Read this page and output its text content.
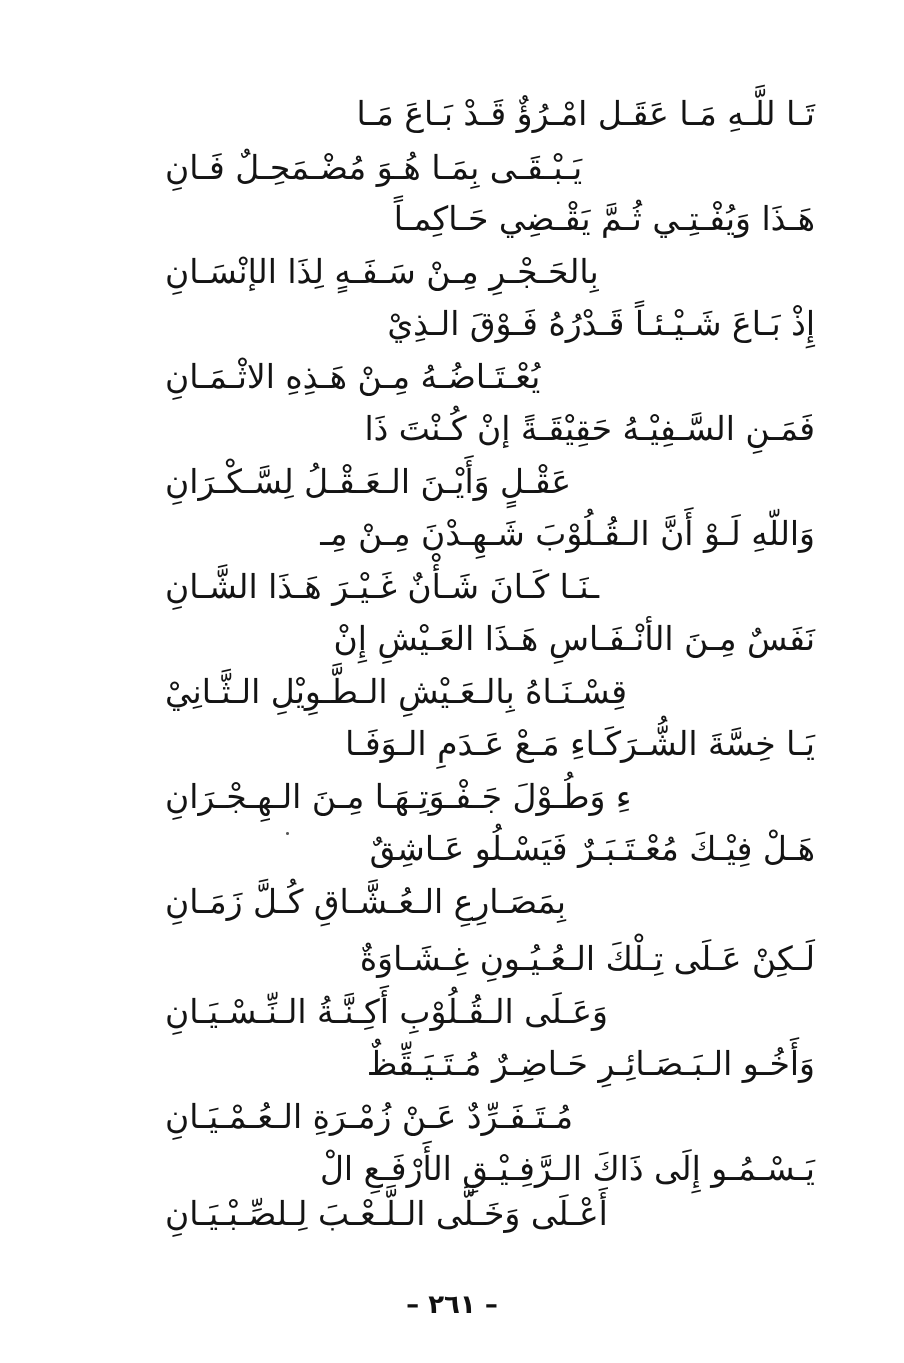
تَـا للَّـهِ مَـا عَقَـل امْـرُؤٌ قَـدْ بَـاعَ مَـا
يَـبْـقَـى بِمَـا هُـوَ مُضْـمَحِـلٌ فَـانِ
هَـذَا وَيُفْـتِـي ثُـمَّ يَقْـضِي حَـاكِمـاً
بِالحَـجْـرِ مِـنْ سَـفَـهٍ لِذَا الإنْسَـانِ
إِذْ بَـاعَ شَـيْـئـاً قَـدْرُهُ فَـوْقَ الـذِيْ
يُعْـتَـاضُـهُ مِـنْ هَـذِهِ الاثْـمَـانِ
فَمَـنِ السَّـفِيْـهُ حَقِيْقَـةً إنْ كُـنْتَ ذَا
عَقْـلٍ وَأَيْـنَ الـعَـقْـلُ لِسَّـكْـرَانِ
وَاللّهِ لَـوْ أَنَّ الـقُـلُوْبَ شَـهِـدْنَ مِـنْ مِـ
ـنَـا كَـانَ شَـأْنٌ غَـيْـرَ هَـذَا الشَّـانِ
نَفَسٌ مِـنَ الأنْـفَـاسِ هَـذَا العَـيْشِ إِنْ
قِسْـنَـاهُ بِالـعَـيْشِ الـطَّـوِيْلِ الـثَّـانِيْ
يَـا خِسَّةَ الشُّـرَكَـاءِ مَـعْ عَـدَمِ الـوَفَـا
ءِ وَطُـوْلَ جَـفْـوَتِـهَـا مِـنَ الـهِـجْـرَانِ
هَـلْ فِيْـكَ مُعْـتَـبَـرٌ فَيَسْـلُو عَـاشِقٌ
بِمَصَـارِعِ الـعُـشَّـاقِ كُـلَّ زَمَـانِ
لَـكِنْ عَـلَى تِـلْكَ الـعُـيُـونِ غِـشَـاوَةٌ
وَعَـلَى الـقُـلُوْبِ أَكِـنَّـةُ الـنِّـسْـيَـانِ
وَأَخُـو الـبَـصَـائِـرِ حَـاضِـرٌ مُـتَـيَـقِّظٌ
مُـتَـفَـرِّدٌ عَـنْ زُمْـرَةِ الـعُـمْـيَـانِ
يَـسْـمُـو إِلَى ذَاكَ الـرَّفِـيْـقِ الأَرْفَـعِ الْ
أَعْـلَى وَخَـلَّى الـلَّـعْـبَ لِـلصِّـبْـيَـانِ
– ٢٦١ –
